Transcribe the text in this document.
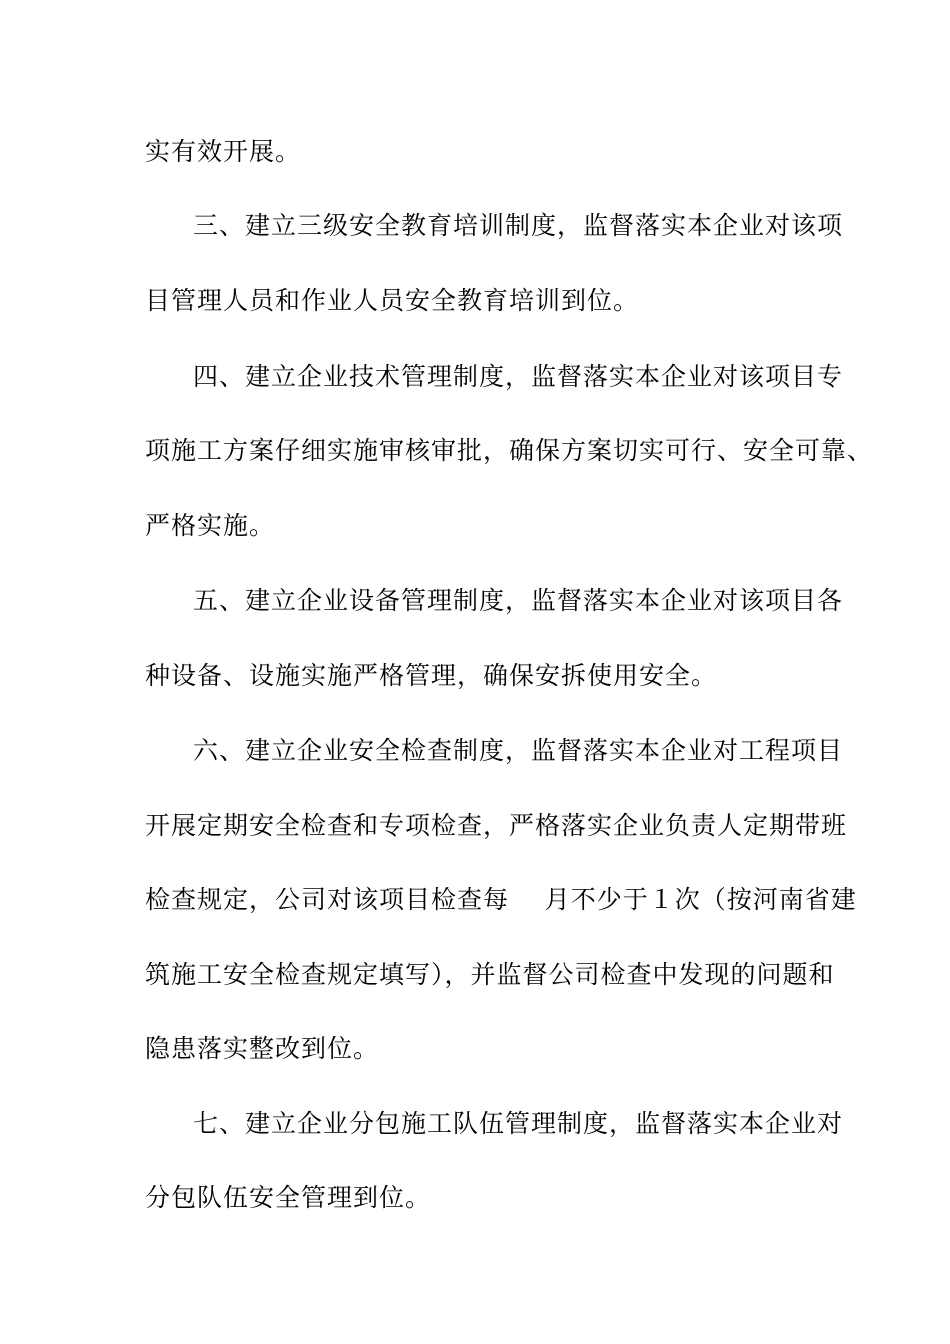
实有效开展。
三、建立三级安全教育培训制度，监督落实本企业对该项
目管理人员和作业人员安全教育培训到位。
四、建立企业技术管理制度，监督落实本企业对该项目专
项施工方案仔细实施审核审批，确保方案切实可行、安全可靠、
严格实施。
五、建立企业设备管理制度，监督落实本企业对该项目各
种设备、设施实施严格管理，确保安拆使用安全。
六、建立企业安全检查制度，监督落实本企业对工程项目
开展定期安全检查和专项检查，严格落实企业负责人定期带班
检查规定，公司对该项目检查每    月不少于１次（按河南省建
筑施工安全检查规定填写），并监督公司检查中发现的问题和
隐患落实整改到位。
七、建立企业分包施工队伍管理制度，监督落实本企业对
分包队伍安全管理到位。
